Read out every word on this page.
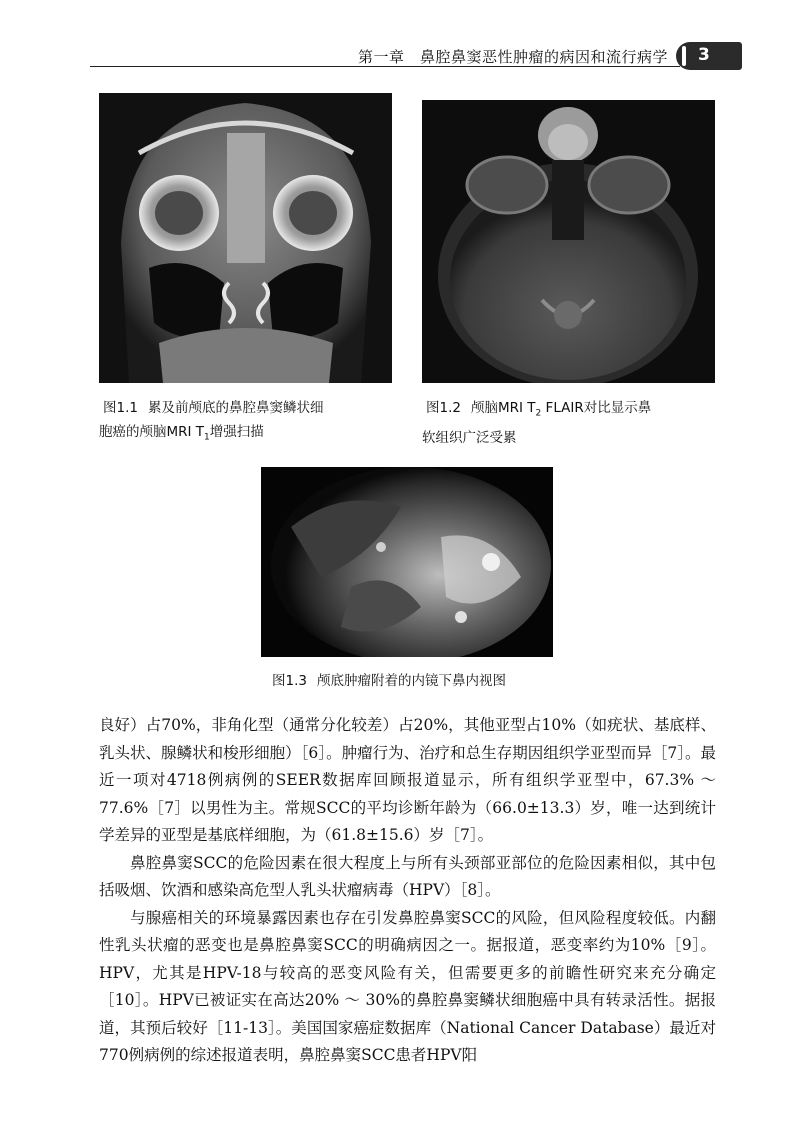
第一章　鼻腔鼻窦恶性肿瘤的病因和流行病学 3
图1.1 累及前颅底的鼻腔鼻窦鳞状细
胞癌的颅脑MRI $T_1$增强扫描
图1.2 颅脑MRI $T_2$ FLAIR对比显示鼻
软组织广泛受累
图1.3 颅底肿瘤附着的内镜下鼻内视图

良好）占70%，非角化型（通常分化较差）占20%，其他亚型占10%（如疣状、基底样、乳头状、腺鳞状和梭形细胞）［6］。肿瘤行为、治疗和总生存期因组织学亚型而异［7］。最近一项对4718例病例的SEER数据库回顾报道显示，所有组织学亚型中，67.3% ～ 77.6%［7］以男性为主。常规SCC的平均诊断年龄为（66.0±13.3）岁，唯一达到统计学差异的亚型是基底样细胞，为（61.8±15.6）岁［7］。

鼻腔鼻窦SCC的危险因素在很大程度上与所有头颈部亚部位的危险因素相似，其中包括吸烟、饮酒和感染高危型人乳头状瘤病毒（HPV）［8］。

与腺癌相关的环境暴露因素也存在引发鼻腔鼻窦SCC的风险，但风险程度较低。内翻性乳头状瘤的恶变也是鼻腔鼻窦SCC的明确病因之一。据报道，恶变率约为10%［9］。HPV，尤其是HPV-18与较高的恶变风险有关，但需要更多的前瞻性研究来充分确定［10］。HPV已被证实在高达20% ～ 30%的鼻腔鼻窦鳞状细胞癌中具有转录活性。据报道，其预后较好［11-13］。美国国家癌症数据库（National Cancer Database）最近对770例病例的综述报道表明，鼻腔鼻窦SCC患者HPV阳
